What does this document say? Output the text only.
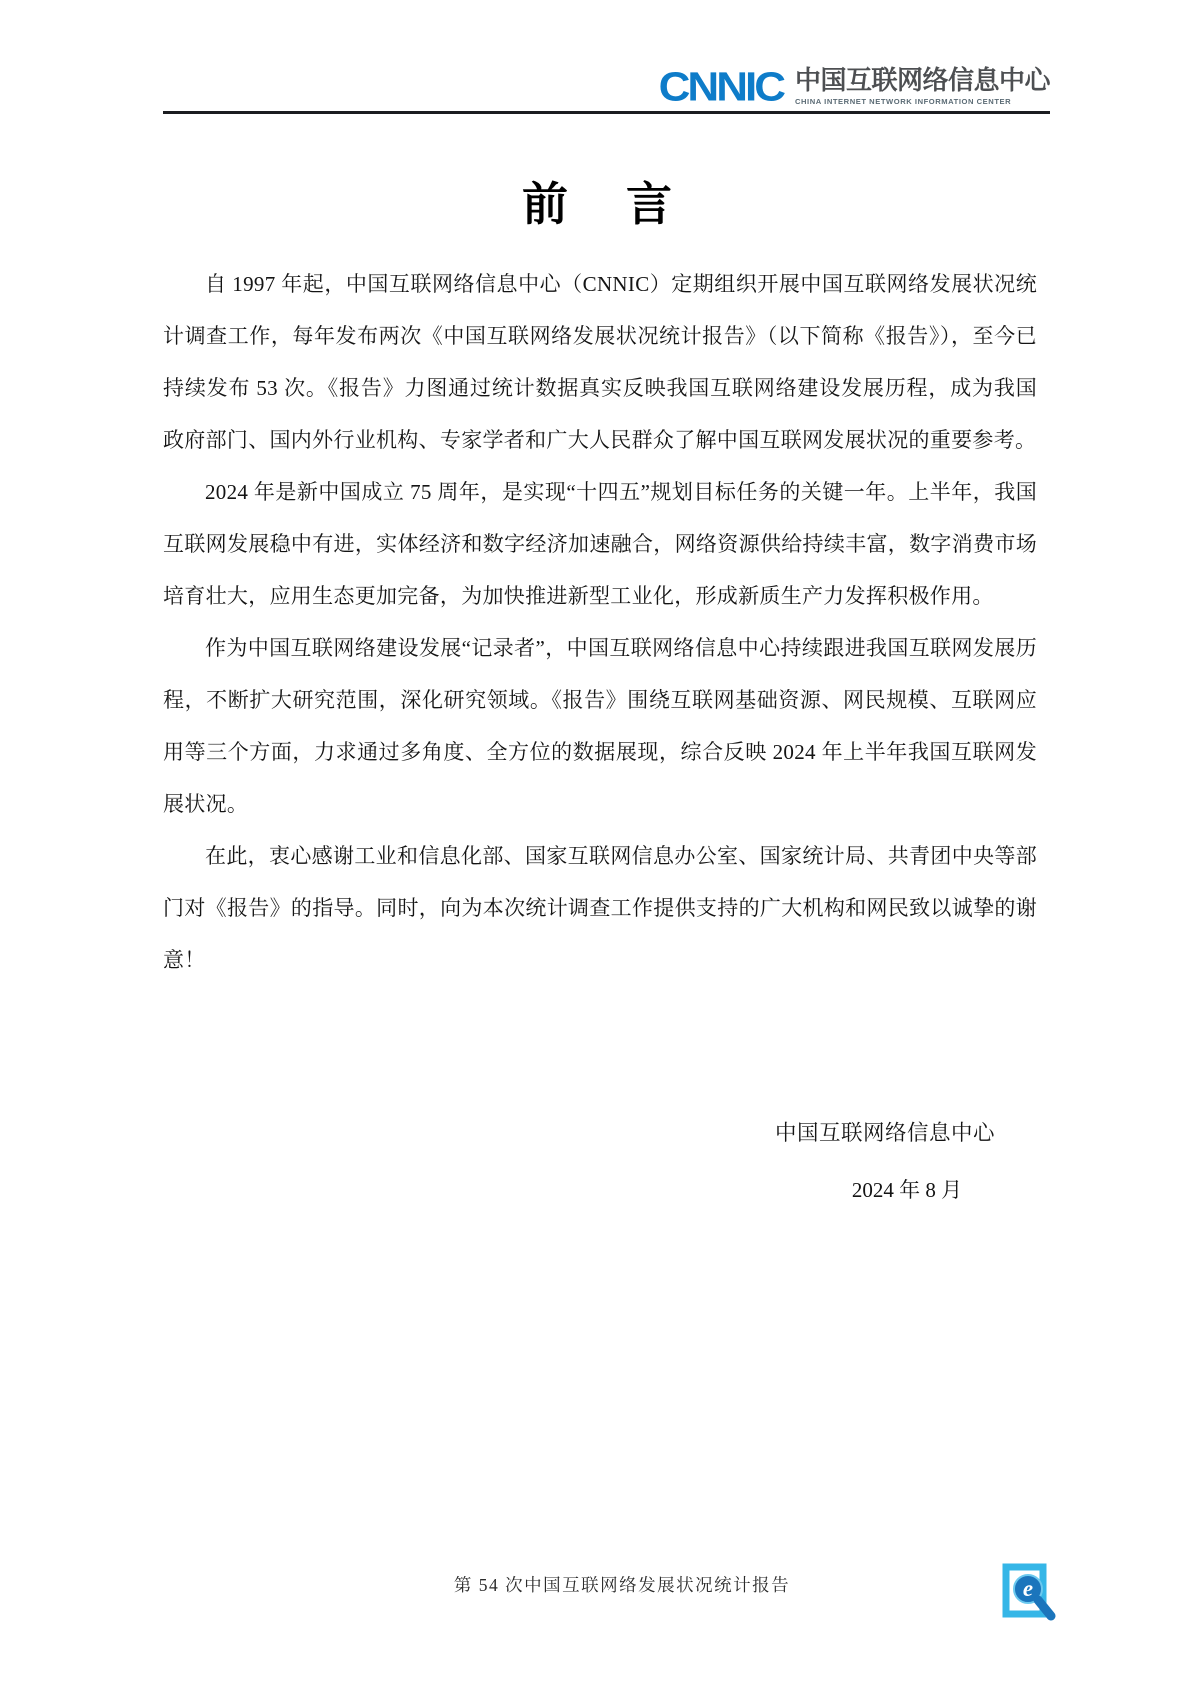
CNNIC 中国互联网络信息中心
CHINA INTERNET NETWORK INFORMATION CENTER
前　言

自 1997 年起，中国互联网络信息中心（CNNIC）定期组织开展中国互联网络发展状况统计调查工作，每年发布两次《中国互联网络发展状况统计报告》（以下简称《报告》），至今已持续发布 53 次。《报告》力图通过统计数据真实反映我国互联网络建设发展历程，成为我国政府部门、国内外行业机构、专家学者和广大人民群众了解中国互联网发展状况的重要参考。

2024 年是新中国成立 75 周年，是实现“十四五”规划目标任务的关键一年。上半年，我国互联网发展稳中有进，实体经济和数字经济加速融合，网络资源供给持续丰富，数字消费市场培育壮大，应用生态更加完备，为加快推进新型工业化，形成新质生产力发挥积极作用。

作为中国互联网络建设发展“记录者”，中国互联网络信息中心持续跟进我国互联网发展历程，不断扩大研究范围，深化研究领域。《报告》围绕互联网基础资源、网民规模、互联网应用等三个方面，力求通过多角度、全方位的数据展现，综合反映 2024 年上半年我国互联网发展状况。

在此，衷心感谢工业和信息化部、国家互联网信息办公室、国家统计局、共青团中央等部门对《报告》的指导。同时，向为本次统计调查工作提供支持的广大机构和网民致以诚挚的谢意！

中国互联网络信息中心
2024 年 8 月
第 54 次中国互联网络发展状况统计报告	e
